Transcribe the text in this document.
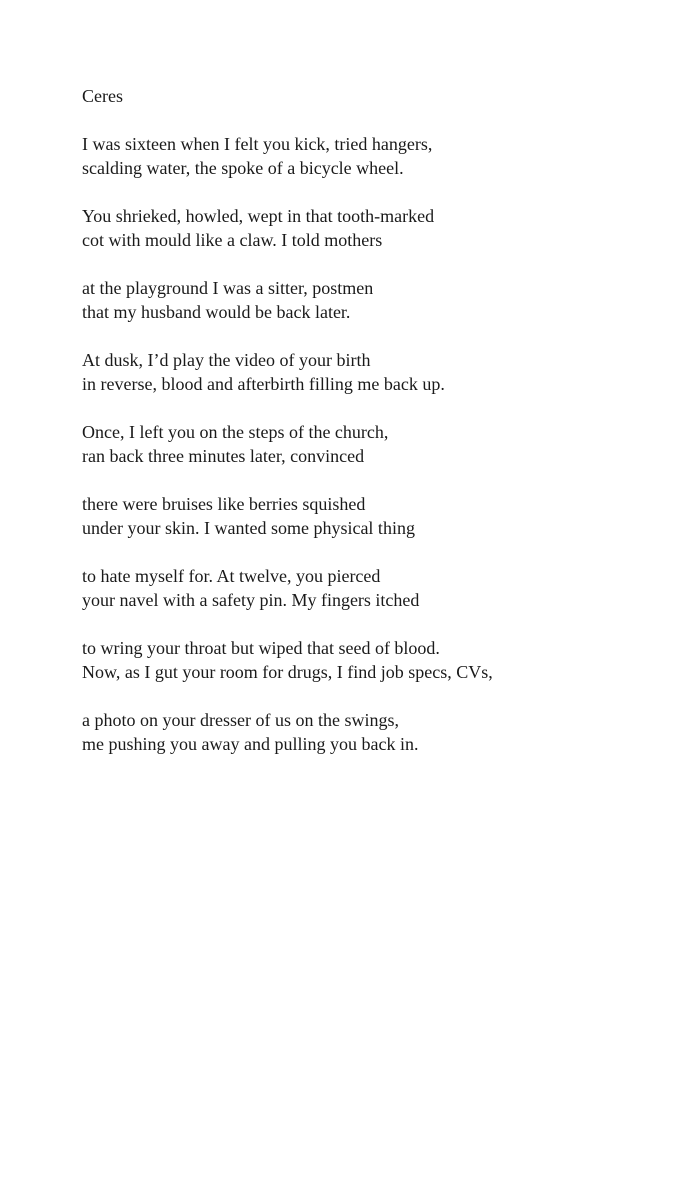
Ceres
I was sixteen when I felt you kick, tried hangers,
scalding water, the spoke of a bicycle wheel.
You shrieked, howled, wept in that tooth-marked
cot with mould like a claw. I told mothers
at the playground I was a sitter, postmen
that my husband would be back later.
At dusk, I’d play the video of your birth
in reverse, blood and afterbirth filling me back up.
Once, I left you on the steps of the church,
ran back three minutes later, convinced
there were bruises like berries squished
under your skin. I wanted some physical thing
to hate myself for. At twelve, you pierced
your navel with a safety pin. My fingers itched
to wring your throat but wiped that seed of blood.
Now, as I gut your room for drugs, I find job specs, CVs,
a photo on your dresser of us on the swings,
me pushing you away and pulling you back in.
